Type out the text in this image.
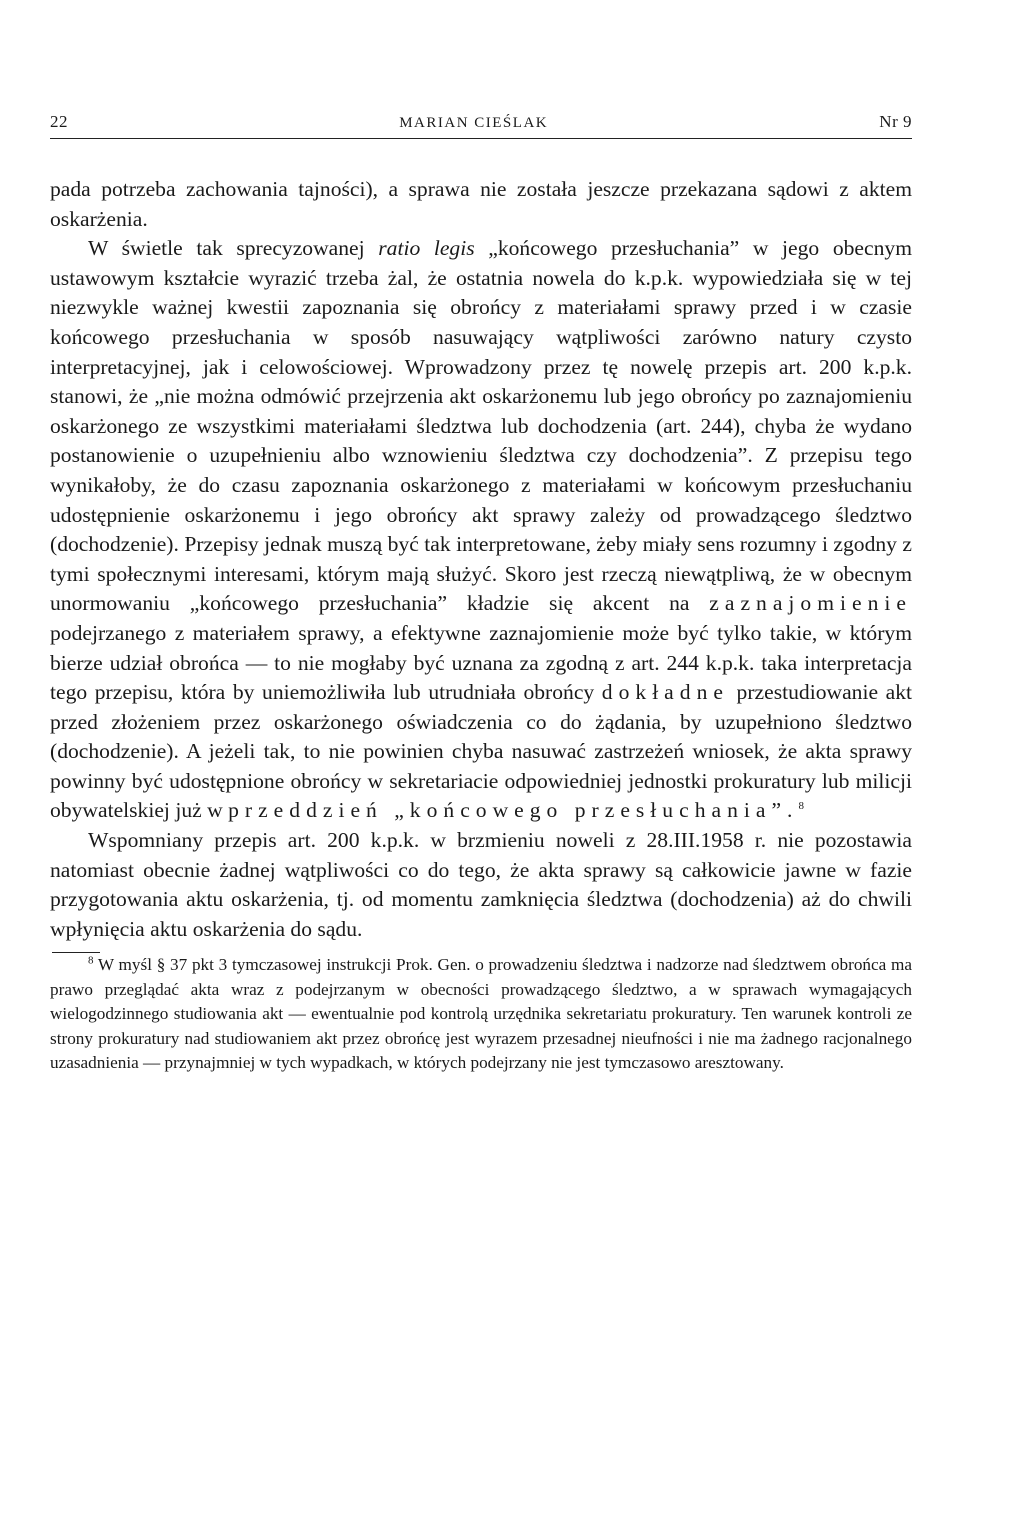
22	MARIAN CIEŚLAK	Nr 9

pada potrzeba zachowania tajności), a sprawa nie została jeszcze przekazana sądowi z aktem oskarżenia.

W świetle tak sprecyzowanej ratio legis „końcowego przesłuchania” w jego obecnym ustawowym kształcie wyrazić trzeba żal, że ostatnia nowela do k.p.k. wypowiedziała się w tej niezwykle ważnej kwestii zapoznania się obrońcy z materiałami sprawy przed i w czasie końcowego przesłuchania w sposób nasuwający wątpliwości zarówno natury czysto interpretacyjnej, jak i celowościowej. Wprowadzony przez tę nowelę przepis art. 200 k.p.k. stanowi, że „nie można odmówić przejrzenia akt oskarżonemu lub jego obrońcy po zaznajomieniu oskarżonego ze wszystkimi materiałami śledztwa lub dochodzenia (art. 244), chyba że wydano postanowienie o uzupełnieniu albo wznowieniu śledztwa czy dochodzenia”. Z przepisu tego wynikałoby, że do czasu zapoznania oskarżonego z materiałami w końcowym przesłuchaniu udostępnienie oskarżonemu i jego obrońcy akt sprawy zależy od prowadzącego śledztwo (dochodzenie). Przepisy jednak muszą być tak interpretowane, żeby miały sens rozumny i zgodny z tymi społecznymi interesami, którym mają służyć. Skoro jest rzeczą niewątpliwą, że w obecnym unormowaniu „końcowego przesłuchania” kładzie się akcent na zaznajomienie podejrzanego z materiałem sprawy, a efektywne zaznajomienie może być tylko takie, w którym bierze udział obrońca — to nie mogłaby być uznana za zgodną z art. 244 k.p.k. taka interpretacja tego przepisu, która by uniemożliwiła lub utrudniała obrońcy dokładne przestudiowanie akt przed złożeniem przez oskarżonego oświadczenia co do żądania, by uzupełniono śledztwo (dochodzenie). A jeżeli tak, to nie powinien chyba nasuwać zastrzeżeń wniosek, że akta sprawy powinny być udostępnione obrońcy w sekretariacie odpowiedniej jednostki prokuratury lub milicji obywatelskiej już w przeddzień „końcowego przesłuchania”.$^8$

Wspomniany przepis art. 200 k.p.k. w brzmieniu noweli z 28.III.1958 r. nie pozostawia natomiast obecnie żadnej wątpliwości co do tego, że akta sprawy są całkowicie jawne w fazie przygotowania aktu oskarżenia, tj. od momentu zamknięcia śledztwa (dochodzenia) aż do chwili wpłynięcia aktu oskarżenia do sądu.

$^8$ W myśl § 37 pkt 3 tymczasowej instrukcji Prok. Gen. o prowadzeniu śledztwa i nadzorze nad śledztwem obrońca ma prawo przeglądać akta wraz z podejrzanym w obecności prowadzącego śledztwo, a w sprawach wymagających wielogodzinnego studiowania akt — ewentualnie pod kontrolą urzędnika sekretariatu prokuratury. Ten warunek kontroli ze strony prokuratury nad studiowaniem akt przez obrońcę jest wyrazem przesadnej nieufności i nie ma żadnego racjonalnego uzasadnienia — przynajmniej w tych wypadkach, w których podejrzany nie jest tymczasowo aresztowany.
